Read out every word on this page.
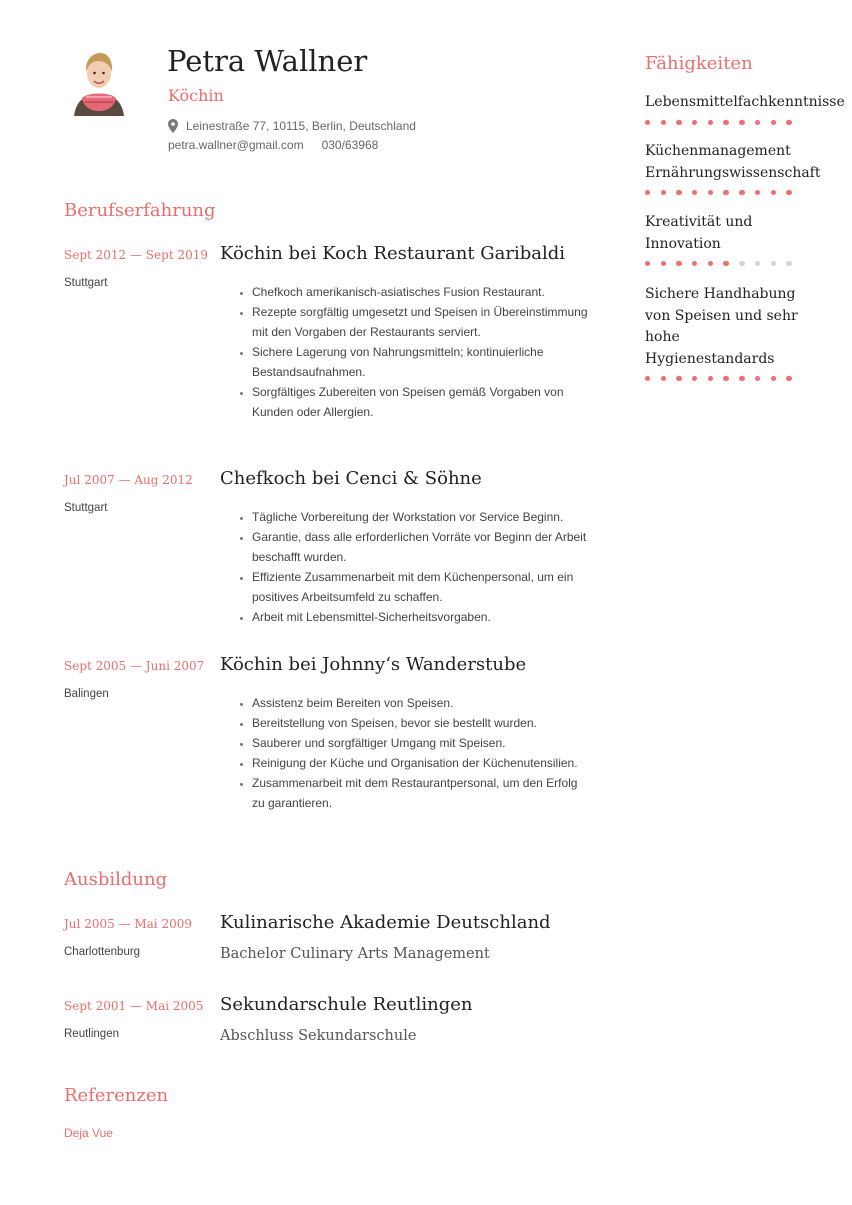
Petra Wallner
Köchin
Leinestraße 77, 10115, Berlin, Deutschland
petra.wallner@gmail.com 030/63968
Fähigkeiten
Lebensmittelfachkenntnisse
Küchenmanagement Ernährungswissenschaft
Kreativität und Innovation
Sichere Handhabung von Speisen und sehr hohe Hygienestandards
Berufserfahrung
Sept 2012 — Sept 2019
Stuttgart
Köchin bei Koch Restaurant Garibaldi
• Chefkoch amerikanisch-asiatisches Fusion Restaurant.
• Rezepte sorgfältig umgesetzt und Speisen in Übereinstimmung mit den Vorgaben der Restaurants serviert.
• Sichere Lagerung von Nahrungsmitteln; kontinuierliche Bestandsaufnahmen.
• Sorgfältiges Zubereiten von Speisen gemäß Vorgaben von Kunden oder Allergien.
Jul 2007 — Aug 2012
Stuttgart
Chefkoch bei Cenci & Söhne
• Tägliche Vorbereitung der Workstation vor Service Beginn.
• Garantie, dass alle erforderlichen Vorräte vor Beginn der Arbeit beschafft wurden.
• Effiziente Zusammenarbeit mit dem Küchenpersonal, um ein positives Arbeitsumfeld zu schaffen.
• Arbeit mit Lebensmittel-Sicherheitsvorgaben.
Sept 2005 — Juni 2007
Balingen
Köchin bei Johnny‘s Wanderstube
• Assistenz beim Bereiten von Speisen.
• Bereitstellung von Speisen, bevor sie bestellt wurden.
• Sauberer und sorgfältiger Umgang mit Speisen.
• Reinigung der Küche und Organisation der Küchenutensilien.
• Zusammenarbeit mit dem Restaurantpersonal, um den Erfolg zu garantieren.
Ausbildung
Jul 2005 — Mai 2009
Charlottenburg
Kulinarische Akademie Deutschland
Bachelor Culinary Arts Management
Sept 2001 — Mai 2005
Reutlingen
Sekundarschule Reutlingen
Abschluss Sekundarschule
Referenzen
Deja Vue
